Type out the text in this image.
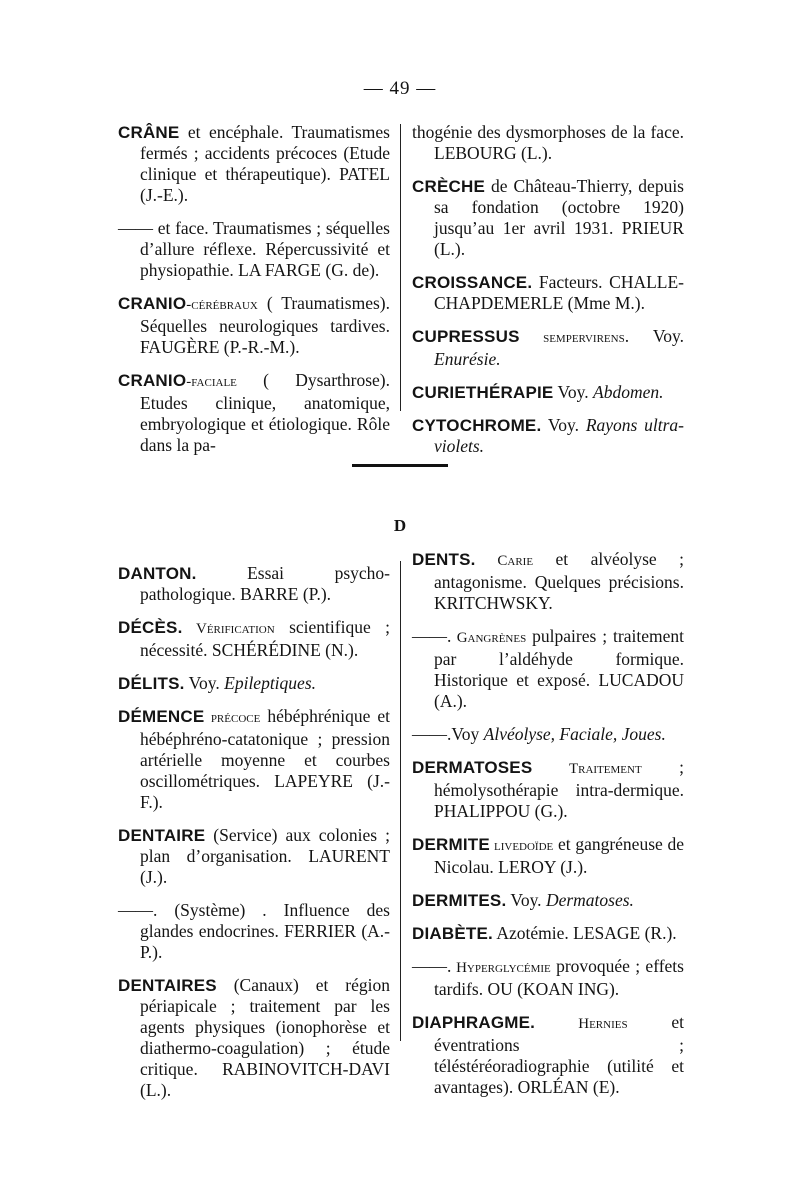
— 49 —
D

CRÂNE et encéphale. Traumatismes fermés ; accidents précoces (Etude clinique et thérapeutique). PATEL (J.-E.).

—— et face. Traumatismes ; séquelles d’allure réflexe. Répercussivité et physiopathie. LA FARGE (G. de).

CRANIO-cérébraux ( Traumatismes). Séquelles neurologiques tardives. FAUGÈRE (P.-R.-M.).

CRANIO-faciale ( Dysarthrose). Etudes clinique, anatomique, embryologique et étiologique. Rôle dans la pa-

thogénie des dysmorphoses de la face. LEBOURG (L.).

CRÈCHE de Château-Thierry, depuis sa fondation (octobre 1920) jusqu’au 1er avril 1931. PRIEUR (L.).

CROISSANCE. Facteurs. CHALLE-CHAPDEMERLE (Mme M.).

CUPRESSUS sempervirens. Voy. Enurésie.

CURIETHÉRAPIE Voy. Abdomen.

CYTOCHROME. Voy. Rayons ultra-violets.

DANTON. Essai psycho-pathologique. BARRE (P.).

DÉCÈS. Vérification scientifique ; nécessité. SCHÉRÉDINE (N.).

DÉLITS. Voy. Epileptiques.

DÉMENCE précoce hébéphrénique et hébéphréno-catatonique ; pression artérielle moyenne et courbes oscillométriques. LAPEYRE (J.-F.).

DENTAIRE (Service) aux colonies ; plan d’organisation. LAURENT (J.).

——. (Système) . Influence des glandes endocrines. FERRIER (A.-P.).

DENTAIRES (Canaux) et région périapicale ; traitement par les agents physiques (ionophorèse et diathermo-coagulation) ; étude critique. RABINOVITCH-DAVI (L.).

DENTS. Carie et alvéolyse ; antagonisme. Quelques précisions. KRITCHWSKY.

——. Gangrènes pulpaires ; traitement par l’aldéhyde formique. Historique et exposé. LUCADOU (A.).

——.Voy Alvéolyse, Faciale, Joues.

DERMATOSES Traitement ; hémolysothérapie intra-dermique. PHALIPPOU (G.).

DERMITE livedoïde et gangréneuse de Nicolau. LEROY (J.).

DERMITES. Voy. Dermatoses.

DIABÈTE. Azotémie. LESAGE (R.).

——. Hyperglycémie provoquée ; effets tardifs. OU (KOAN ING).

DIAPHRAGME. Hernies et éventrations ; téléstéréoradiographie (utilité et avantages). ORLÉAN (E).
